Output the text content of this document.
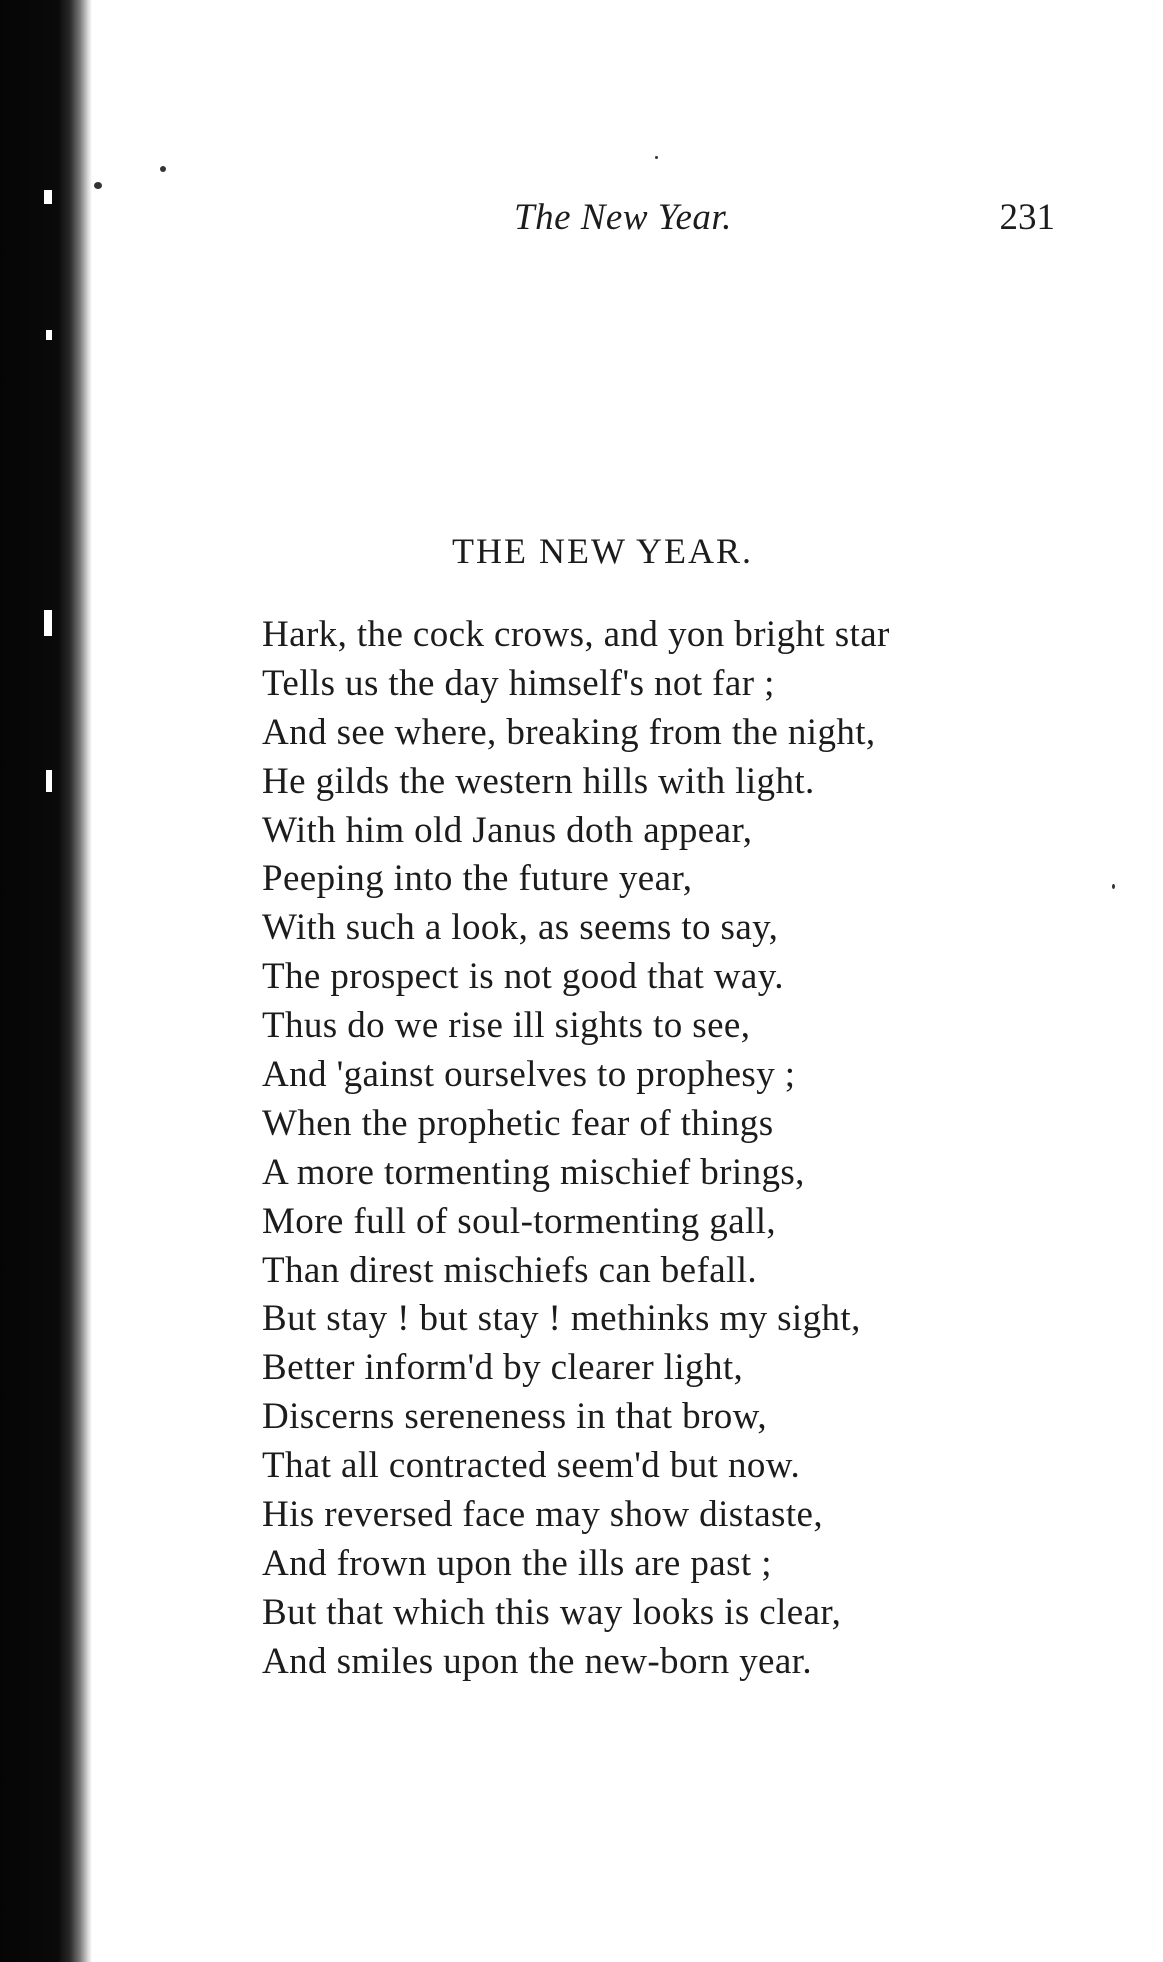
The New Year.	231
THE NEW YEAR.
Hark, the cock crows, and yon bright star
Tells us the day himself's not far ;
And see where, breaking from the night,
He gilds the western hills with light.
With him old Janus doth appear,
Peeping into the future year,
With such a look, as seems to say,
The prospect is not good that way.
Thus do we rise ill sights to see,
And 'gainst ourselves to prophesy ;
When the prophetic fear of things
A more tormenting mischief brings,
More full of soul-tormenting gall,
Than direst mischiefs can befall.
But stay ! but stay ! methinks my sight,
Better inform'd by clearer light,
Discerns sereneness in that brow,
That all contracted seem'd but now.
His reversed face may show distaste,
And frown upon the ills are past ;
But that which this way looks is clear,
And smiles upon the new-born year.
